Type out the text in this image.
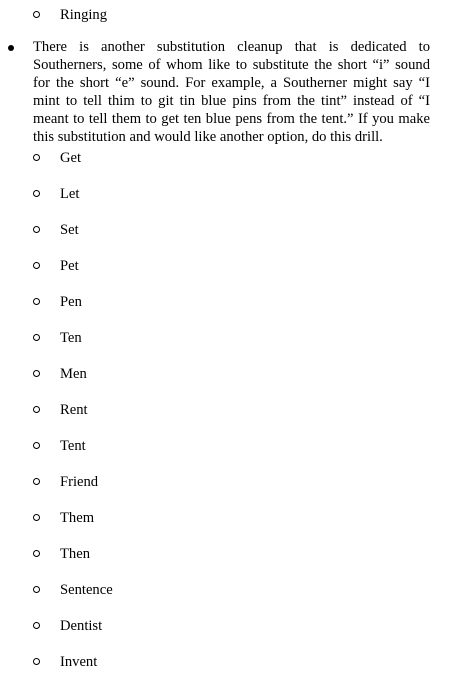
Ringing

There is another substitution cleanup that is dedicated to Southerners, some of whom like to substitute the short “i” sound for the short “e” sound. For example, a Southerner might say “I mint to tell thim to git tin blue pins from the tint” instead of “I meant to tell them to get ten blue pens from the tent.” If you make this substitution and would like another option, do this drill.

Get
Let
Set
Pet
Pen
Ten
Men
Rent
Tent
Friend
Them
Then
Sentence
Dentist
Invent
